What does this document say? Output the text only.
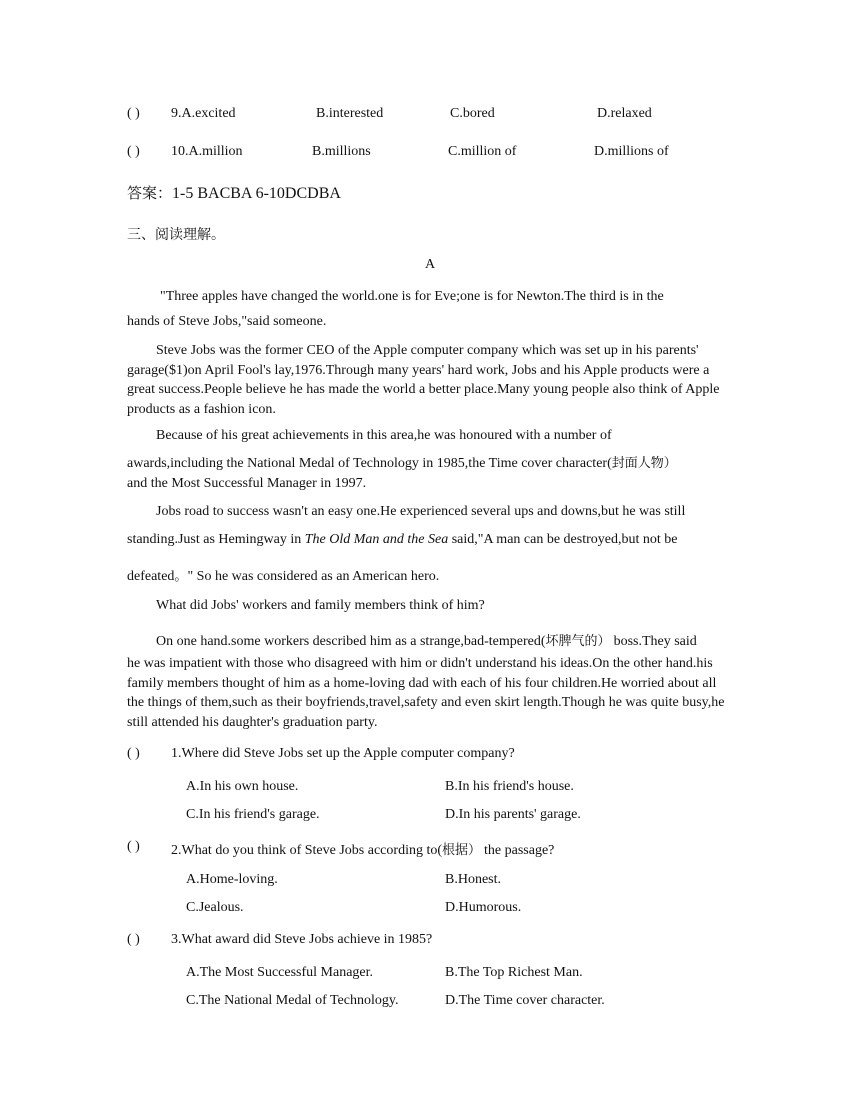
( ) 9.A.excited	B.interested	C.bored	D.relaxed
( ) 10.A.million	B.millions	C.million of	D.millions of
答案：1-5 BACBA 6-10DCDBA
三、阅读理解。
A
"Three apples have changed the world.one is for Eve;one is for Newton.The third is in the
hands of Steve Jobs,"said someone.
Steve Jobs was the former CEO of the Apple computer company which was set up in his parents' garage($1)on April Fool's lay,1976.Through many years' hard work, Jobs and his Apple products were a great success.People believe he has made the world a better place.Many young people also think of Apple products as a fashion icon.
Because of his great achievements in this area,he was honoured with a number of
awards,including the National Medal of Technology in 1985,the Time cover character(封面人物）
and the Most Successful Manager in 1997.
Jobs road to success wasn't an easy one.He experienced several ups and downs,but he was still
standing.Just as Hemingway in The Old Man and the Sea said,"A man can be destroyed,but not be
defeated。" So he was considered as an American hero.
What did Jobs' workers and family members think of him?
On one hand.some workers described him as a strange,bad-tempered(坏脾气的） boss.They said
he was impatient with those who disagreed with him or didn't understand his ideas.On the other hand.his family members thought of him as a home-loving dad with each of his four children.He worried about all the things of them,such as their boyfriends,travel,safety and even skirt length.Though he was quite busy,he still attended his daughter's graduation party.
( ) 1.Where did Steve Jobs set up the Apple computer company?
A.In his own house.	B.In his friend's house.
C.In his friend's garage.	D.In his parents' garage.
( ) 2.What do you think of Steve Jobs according to(根据） the passage?
A.Home-loving.	B.Honest.
C.Jealous.	D.Humorous.
( ) 3.What award did Steve Jobs achieve in 1985?
A.The Most Successful Manager.	B.The Top Richest Man.
C.The National Medal of Technology.	D.The Time cover character.
